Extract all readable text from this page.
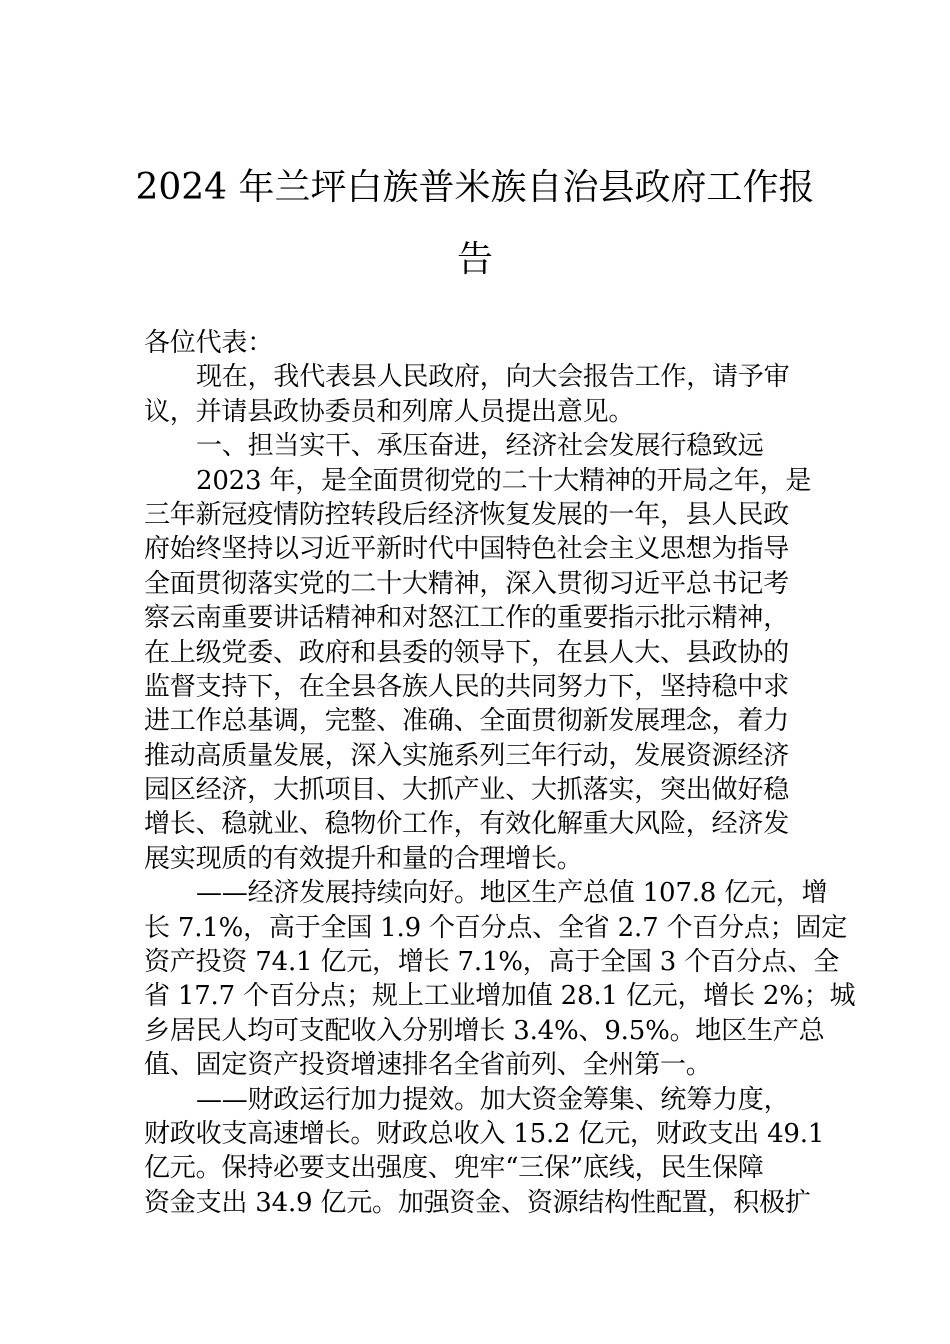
2024 年兰坪白族普米族自治县政府工作报
告
各位代表：
现在，我代表县人民政府，向大会报告工作，请予审
议，并请县政协委员和列席人员提出意见。
一、担当实干、承压奋进，经济社会发展行稳致远
2023 年，是全面贯彻党的二十大精神的开局之年，是
三年新冠疫情防控转段后经济恢复发展的一年，县人民政
府始终坚持以习近平新时代中国特色社会主义思想为指导
全面贯彻落实党的二十大精神，深入贯彻习近平总书记考
察云南重要讲话精神和对怒江工作的重要指示批示精神，
在上级党委、政府和县委的领导下，在县人大、县政协的
监督支持下，在全县各族人民的共同努力下，坚持稳中求
进工作总基调，完整、准确、全面贯彻新发展理念，着力
推动高质量发展，深入实施系列三年行动，发展资源经济
园区经济，大抓项目、大抓产业、大抓落实，突出做好稳
增长、稳就业、稳物价工作，有效化解重大风险，经济发
展实现质的有效提升和量的合理增长。
——经济发展持续向好。地区生产总值 107.8 亿元，增
长 7.1%，高于全国 1.9 个百分点、全省 2.7 个百分点；固定
资产投资 74.1 亿元，增长 7.1%，高于全国 3 个百分点、全
省 17.7 个百分点；规上工业增加值 28.1 亿元，增长 2%；城
乡居民人均可支配收入分别增长 3.4%、9.5%。地区生产总
值、固定资产投资增速排名全省前列、全州第一。
——财政运行加力提效。加大资金筹集、统筹力度，
财政收支高速增长。财政总收入 15.2 亿元，财政支出 49.1
亿元。保持必要支出强度、兜牢“三保”底线，民生保障
资金支出 34.9 亿元。加强资金、资源结构性配置，积极扩
